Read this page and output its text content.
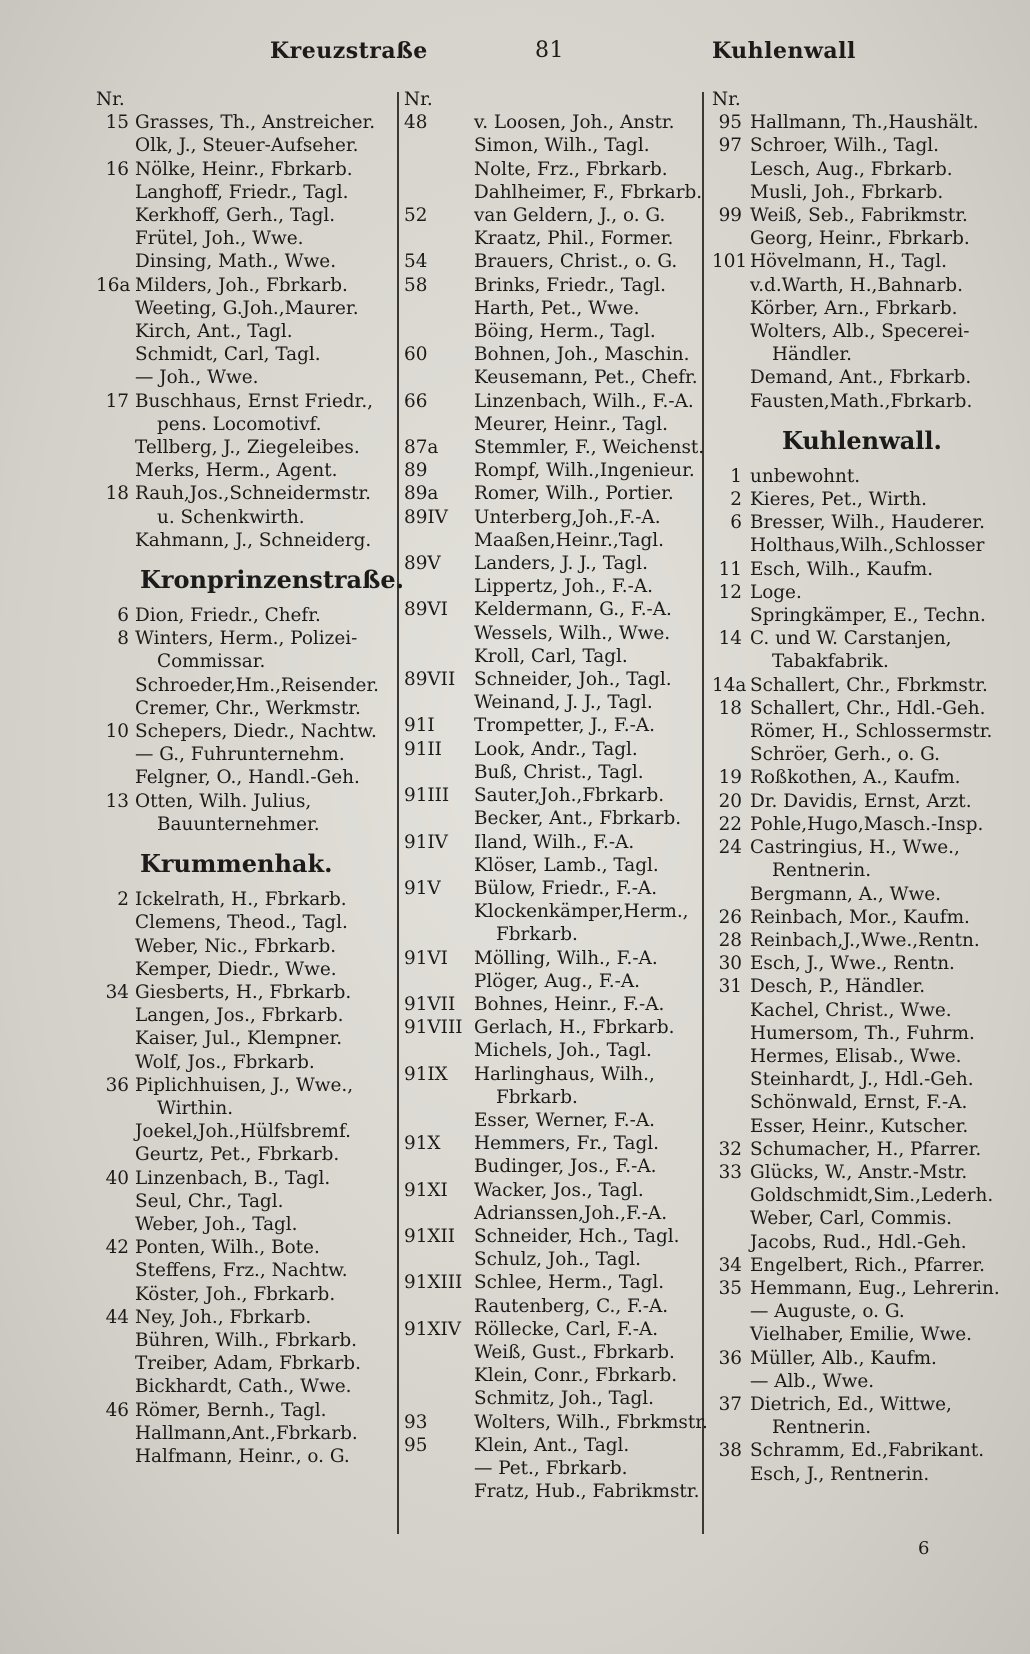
Kreuzstraße	81	Kuhlenwall
Nr.
15 Grasses, Th., Anstreicher.
Olk, J., Steuer-Aufseher.
16 Nölke, Heinr., Fbrkarb.
Langhoff, Friedr., Tagl.
Kerkhoff, Gerh., Tagl.
Frütel, Joh., Wwe.
Dinsing, Math., Wwe.
16a Milders, Joh., Fbrkarb.
Weeting, G.Joh.,Maurer.
Kirch, Ant., Tagl.
Schmidt, Carl, Tagl.
— Joh., Wwe.
17 Buschhaus, Ernst Friedr.,
pens. Locomotivf.
Tellberg, J., Ziegeleibes.
Merks, Herm., Agent.
18 Rauh,Jos.,Schneidermstr.
u. Schenkwirth.
Kahmann, J., Schneiderg.
Kronprinzenstraße.
6 Dion, Friedr., Chefr.
8 Winters, Herm., Polizei-
Commissar.
Schroeder,Hm.,Reisender.
Cremer, Chr., Werkmstr.
10 Schepers, Diedr., Nachtw.
— G., Fuhrunternehm.
Felgner, O., Handl.-Geh.
13 Otten, Wilh. Julius,
Bauunternehmer.
Krummenhak.
2 Ickelrath, H., Fbrkarb.
Clemens, Theod., Tagl.
Weber, Nic., Fbrkarb.
Kemper, Diedr., Wwe.
34 Giesberts, H., Fbrkarb.
Langen, Jos., Fbrkarb.
Kaiser, Jul., Klempner.
Wolf, Jos., Fbrkarb.
36 Piplichhuisen, J., Wwe.,
Wirthin.
Joekel,Joh.,Hülfsbremf.
Geurtz, Pet., Fbrkarb.
40 Linzenbach, B., Tagl.
Seul, Chr., Tagl.
Weber, Joh., Tagl.
42 Ponten, Wilh., Bote.
Steffens, Frz., Nachtw.
Köster, Joh., Fbrkarb.
44 Ney, Joh., Fbrkarb.
Bühren, Wilh., Fbrkarb.
Treiber, Adam, Fbrkarb.
Bickhardt, Cath., Wwe.
46 Römer, Bernh., Tagl.
Hallmann,Ant.,Fbrkarb.
Halfmann, Heinr., o. G.
Nr.
48	v. Loosen, Joh., Anstr.
Simon, Wilh., Tagl.
Nolte, Frz., Fbrkarb.
Dahlheimer, F., Fbrkarb.
52	van Geldern, J., o. G.
Kraatz, Phil., Former.
54	Brauers, Christ., o. G.
58	Brinks, Friedr., Tagl.
Harth, Pet., Wwe.
Böing, Herm., Tagl.
60	Bohnen, Joh., Maschin.
Keusemann, Pet., Chefr.
66	Linzenbach, Wilh., F.-A.
Meurer, Heinr., Tagl.
87a	Stemmler, F., Weichenst.
89	Rompf, Wilh.,Ingenieur.
89a	Romer, Wilh., Portier.
89IV	Unterberg,Joh.,F.-A.
Maaßen,Heinr.,Tagl.
89V	Landers, J. J., Tagl.
Lippertz, Joh., F.-A.
89VI	Keldermann, G., F.-A.
Wessels, Wilh., Wwe.
Kroll, Carl, Tagl.
89VII	Schneider, Joh., Tagl.
Weinand, J. J., Tagl.
91I	Trompetter, J., F.-A.
91II	Look, Andr., Tagl.
Buß, Christ., Tagl.
91III	Sauter,Joh.,Fbrkarb.
Becker, Ant., Fbrkarb.
91IV	Iland, Wilh., F.-A.
Klöser, Lamb., Tagl.
91V	Bülow, Friedr., F.-A.
Klockenkämper,Herm.,
Fbrkarb.
91VI	Mölling, Wilh., F.-A.
Plöger, Aug., F.-A.
91VII	Bohnes, Heinr., F.-A.
91VIII Gerlach, H., Fbrkarb.
Michels, Joh., Tagl.
91IX	Harlinghaus, Wilh.,
Fbrkarb.
Esser, Werner, F.-A.
91X	Hemmers, Fr., Tagl.
Budinger, Jos., F.-A.
91XI	Wacker, Jos., Tagl.
Adrianssen,Joh.,F.-A.
91XII	Schneider, Hch., Tagl.
Schulz, Joh., Tagl.
91XIII Schlee, Herm., Tagl.
Rautenberg, C., F.-A.
91XIV Röllecke, Carl, F.-A.
Weiß, Gust., Fbrkarb.
Klein, Conr., Fbrkarb.
Schmitz, Joh., Tagl.
93	Wolters, Wilh., Fbrkmstr.
95	Klein, Ant., Tagl.
— Pet., Fbrkarb.
Fratz, Hub., Fabrikmstr.
Nr.
95 Hallmann, Th.,Haushält.
97 Schroer, Wilh., Tagl.
Lesch, Aug., Fbrkarb.
Musli, Joh., Fbrkarb.
99 Weiß, Seb., Fabrikmstr.
Georg, Heinr., Fbrkarb.
101 Hövelmann, H., Tagl.
v.d.Warth, H.,Bahnarb.
Körber, Arn., Fbrkarb.
Wolters, Alb., Specerei-
Händler.
Demand, Ant., Fbrkarb.
Fausten,Math.,Fbrkarb.
Kuhlenwall.
1 unbewohnt.
2 Kieres, Pet., Wirth.
6 Bresser, Wilh., Hauderer.
Holthaus,Wilh.,Schlosser
11 Esch, Wilh., Kaufm.
12 Loge.
Springkämper, E., Techn.
14 C. und W. Carstanjen,
Tabakfabrik.
14a Schallert, Chr., Fbrkmstr.
18 Schallert, Chr., Hdl.-Geh.
Römer, H., Schlossermstr.
Schröer, Gerh., o. G.
19 Roßkothen, A., Kaufm.
20 Dr. Davidis, Ernst, Arzt.
22 Pohle,Hugo,Masch.-Insp.
24 Castringius, H., Wwe.,
Rentnerin.
Bergmann, A., Wwe.
26 Reinbach, Mor., Kaufm.
28 Reinbach,J.,Wwe.,Rentn.
30 Esch, J., Wwe., Rentn.
31 Desch, P., Händler.
Kachel, Christ., Wwe.
Humersom, Th., Fuhrm.
Hermes, Elisab., Wwe.
Steinhardt, J., Hdl.-Geh.
Schönwald, Ernst, F.-A.
Esser, Heinr., Kutscher.
32 Schumacher, H., Pfarrer.
33 Glücks, W., Anstr.-Mstr.
Goldschmidt,Sim.,Lederh.
Weber, Carl, Commis.
Jacobs, Rud., Hdl.-Geh.
34 Engelbert, Rich., Pfarrer.
35 Hemmann, Eug., Lehrerin.
— Auguste, o. G.
Vielhaber, Emilie, Wwe.
36 Müller, Alb., Kaufm.
— Alb., Wwe.
37 Dietrich, Ed., Wittwe,
Rentnerin.
38 Schramm, Ed.,Fabrikant.
Esch, J., Rentnerin.
6
